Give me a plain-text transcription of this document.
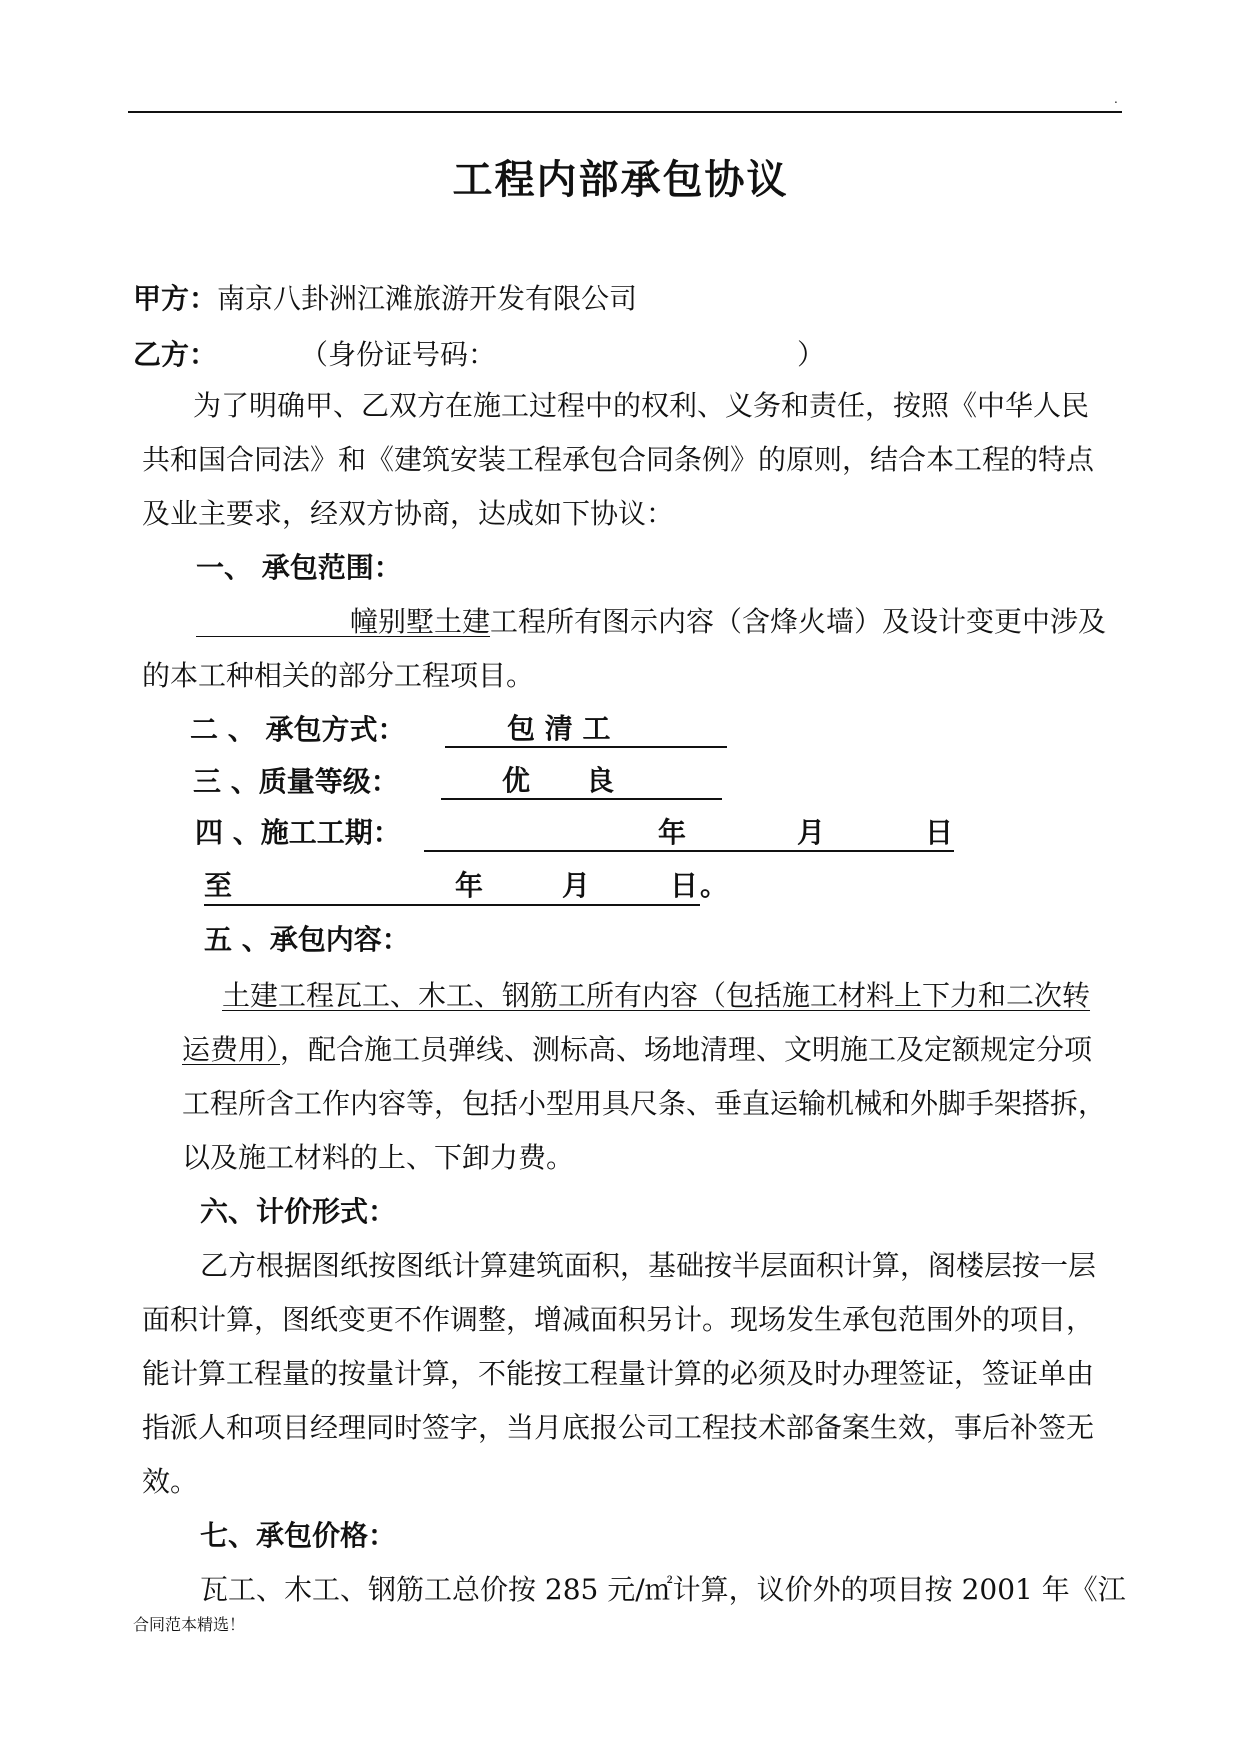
.
工程内部承包协议
甲方：南京八卦洲江滩旅游开发有限公司
乙方：	（身份证号码：	）
为了明确甲、乙双方在施工过程中的权利、义务和责任，按照《中华人民
共和国合同法》和《建筑安装工程承包合同条例》的原则，结合本工程的特点
及业主要求，经双方协商，达成如下协议：
一、 承包范围：
           幢别墅土建工程所有图示内容（含烽火墙）及设计变更中涉及
的本工种相关的部分工程项目。
二 、 承包方式：	包 清 工
三 、质量等级：	优　　良
四 、施工工期：
	年	月	日
至
	年	月	日 。
五 、承包内容：
土建工程瓦工、木工、钢筋工所有内容（包括施工材料上下力和二次转
运费用），配合施工员弹线、测标高、场地清理、文明施工及定额规定分项
工程所含工作内容等，包括小型用具尺条、垂直运输机械和外脚手架搭拆，
以及施工材料的上、下卸力费。
六、计价形式：
乙方根据图纸按图纸计算建筑面积，基础按半层面积计算，阁楼层按一层
面积计算，图纸变更不作调整，增减面积另计。现场发生承包范围外的项目，
能计算工程量的按量计算，不能按工程量计算的必须及时办理签证，签证单由
指派人和项目经理同时签字，当月底报公司工程技术部备案生效，事后补签无
效。
七、承包价格：
瓦工、木工、钢筋工总价按 285 元/㎡计算，议价外的项目按 2001 年《江
合同范本精选！
